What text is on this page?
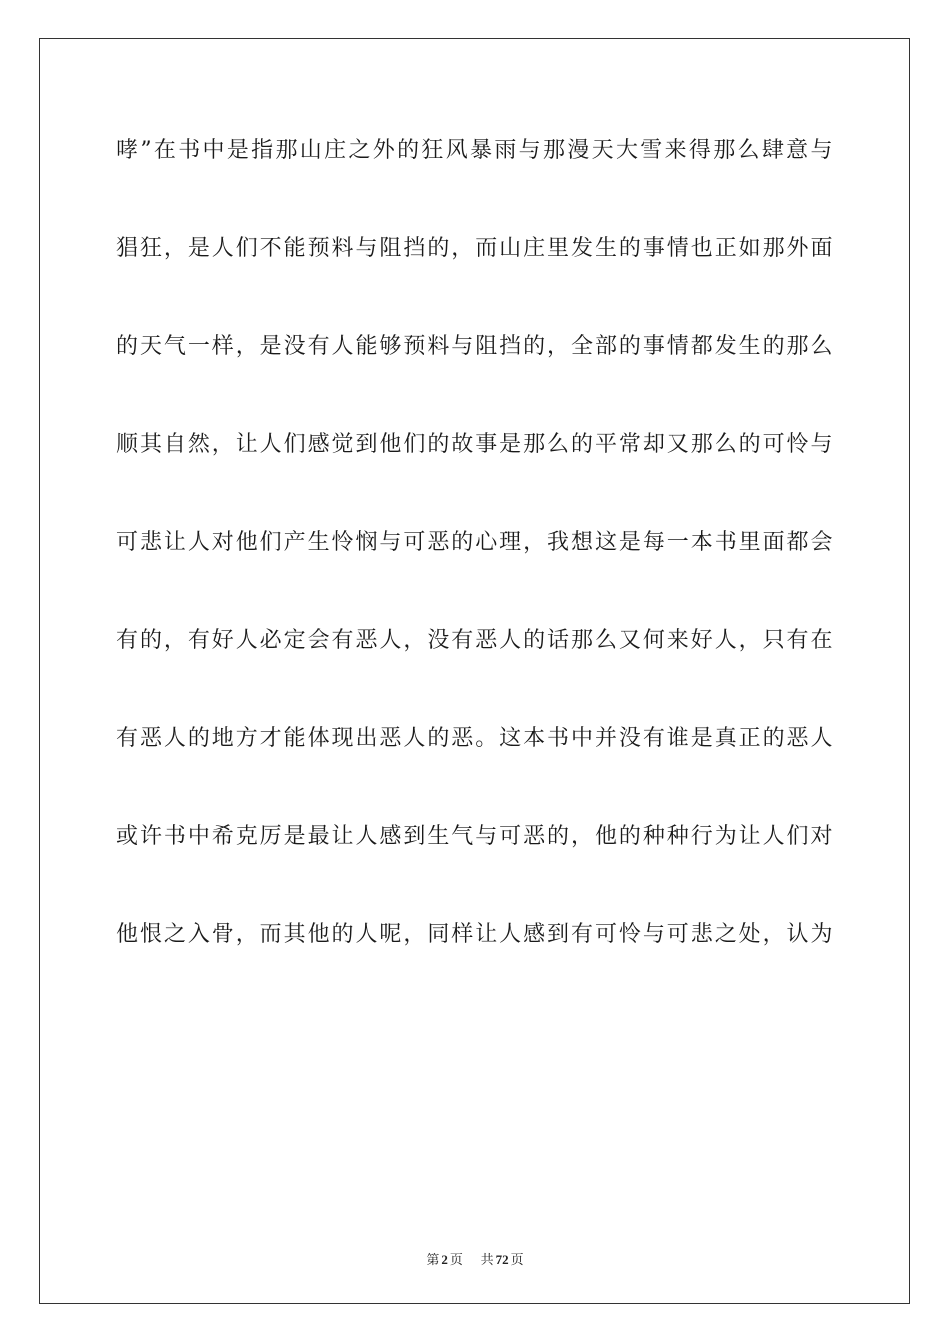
哮”在书中是指那山庄之外的狂风暴雨与那漫天大雪来得那么肆意与
猖狂，是人们不能预料与阻挡的，而山庄里发生的事情也正如那外面
的天气一样，是没有人能够预料与阻挡的，全部的事情都发生的那么
顺其自然，让人们感觉到他们的故事是那么的平常却又那么的可怜与
可悲让人对他们产生怜悯与可恶的心理，我想这是每一本书里面都会
有的，有好人必定会有恶人，没有恶人的话那么又何来好人，只有在
有恶人的地方才能体现出恶人的恶。这本书中并没有谁是真正的恶人
或许书中希克厉是最让人感到生气与可恶的，他的种种行为让人们对
他恨之入骨，而其他的人呢，同样让人感到有可怜与可悲之处，认为
第 2 页 共 72 页
